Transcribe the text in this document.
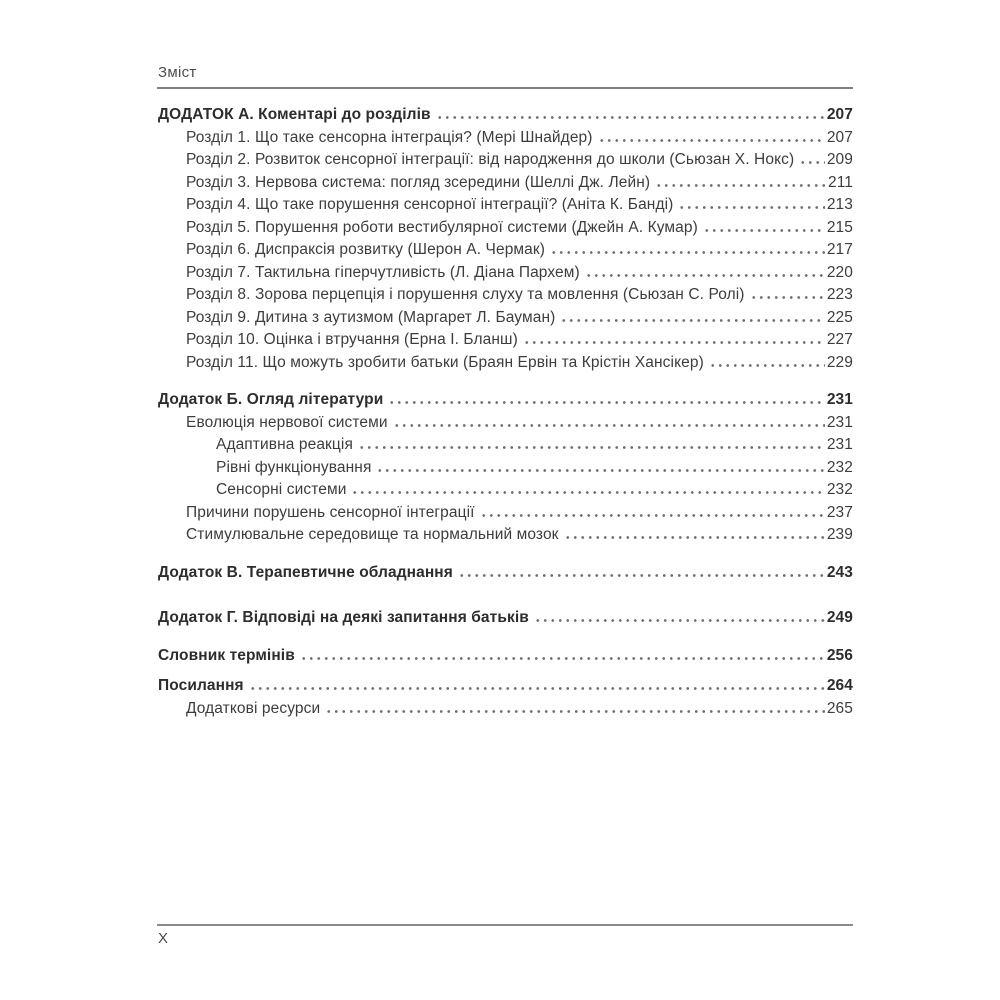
Зміст
ДОДАТОК А. Коментарі до розділів	207
Розділ 1. Що таке сенсорна інтеграція? (Мері Шнайдер)	207
Розділ 2. Розвиток сенсорної інтеграції: від народження до школи (Сьюзан Х. Нокс) 209
Розділ 3. Нервова система: погляд зсередини (Шеллі Дж. Лейн)	211
Розділ 4. Що таке порушення сенсорної інтеграції? (Аніта К. Банді)	213
Розділ 5. Порушення роботи вестибулярної системи (Джейн А. Кумар)	215
Розділ 6. Диспраксія розвитку (Шерон А. Чермак)	217
Розділ 7. Тактильна гіперчутливість (Л. Діана Пархем)	220
Розділ 8. Зорова перцепція і порушення слуху та мовлення (Сьюзан С. Ролі)	223
Розділ 9. Дитина з аутизмом (Маргарет Л. Бауман)	225
Розділ 10. Оцінка і втручання (Ерна І. Бланш)	227
Розділ 11. Що можуть зробити батьки (Браян Ервін та Крістін Хансікер)	229
Додаток Б. Огляд літератури	231
Еволюція нервової системи	231
Адаптивна реакція	231
Рівні функціонування	232
Сенсорні системи	232
Причини порушень сенсорної інтеграції	237
Стимулювальне середовище та нормальний мозок	239
Додаток В. Терапевтичне обладнання	243
Додаток Г. Відповіді на деякі запитання батьків	249
Словник термінів	256
Посилання	264
Додаткові ресурси	265
X
